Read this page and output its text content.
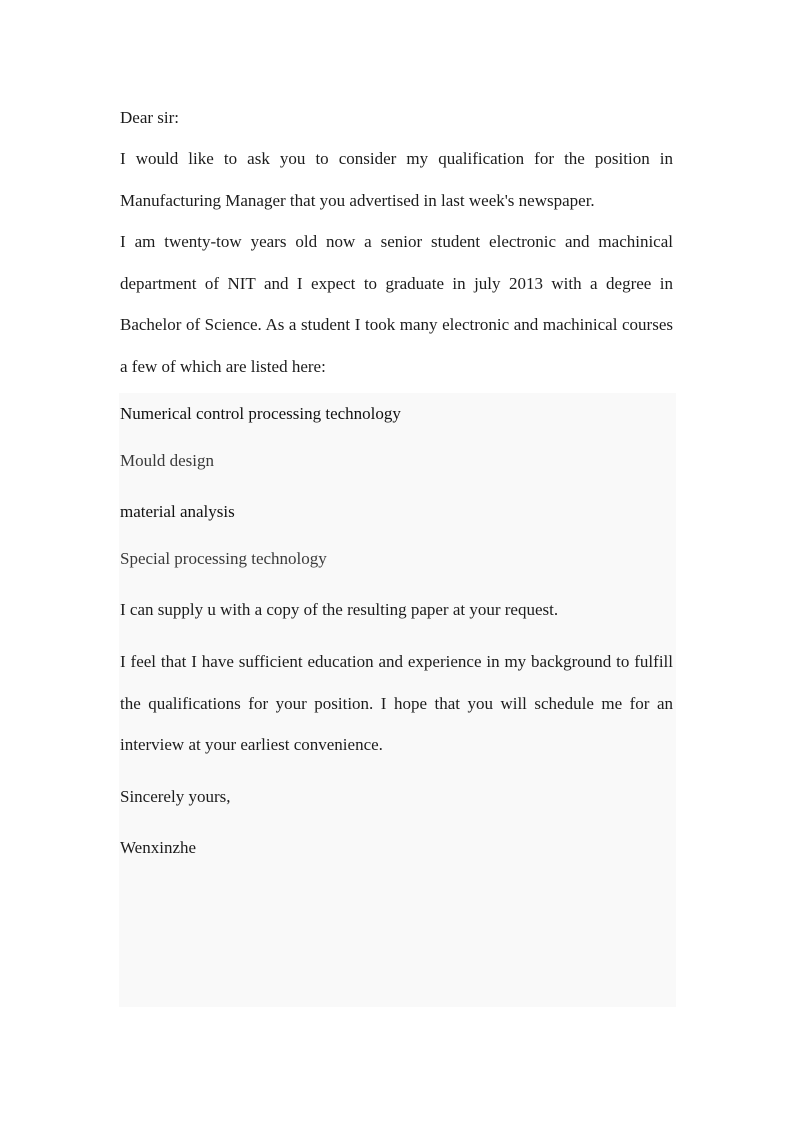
Dear sir:

I would like to ask you to consider my qualification for the position in Manufacturing Manager that you advertised in last week's newspaper.

I am twenty-tow years old now a senior student electronic and machinical department of NIT and I expect to graduate in july 2013 with a degree in Bachelor of Science. As a student I took many electronic and machinical courses a few of which are listed here:

Numerical control processing technology
Mould design
material analysis
Special processing technology
I can supply u with a copy of the resulting paper at your request.

I feel that I have sufficient education and experience in my background to fulfill the qualifications for your position. I hope that you will schedule me for an interview at your earliest convenience.

Sincerely yours,
Wenxinzhe
